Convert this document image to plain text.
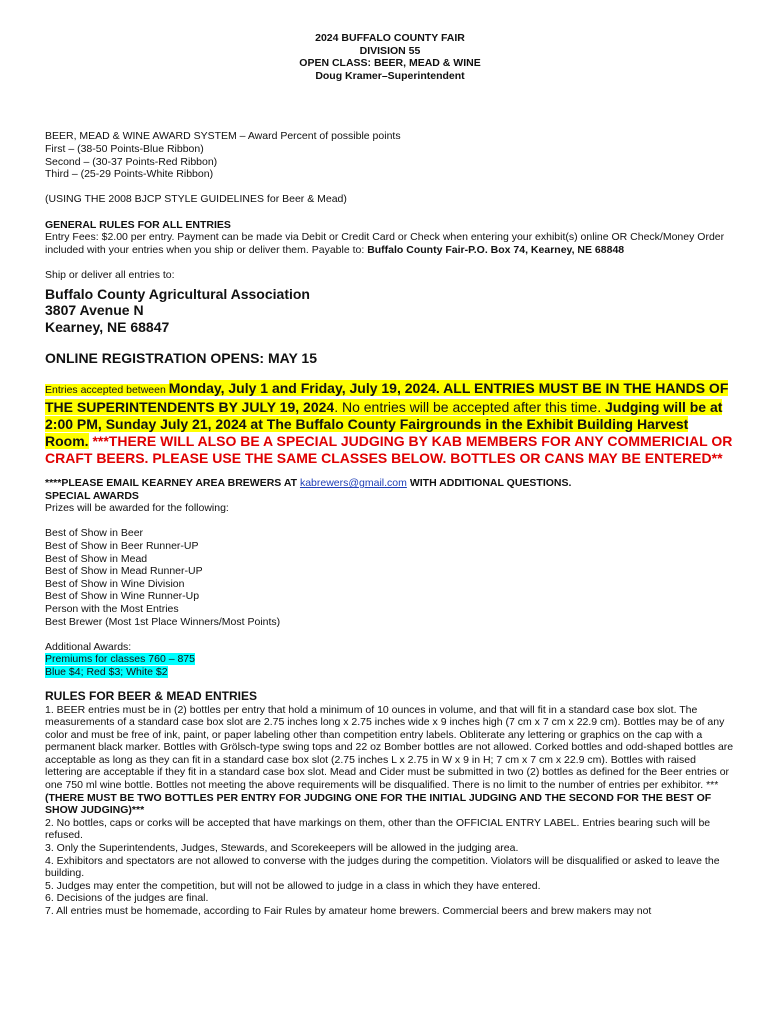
2024 BUFFALO COUNTY FAIR
DIVISION 55
OPEN CLASS: BEER, MEAD & WINE
Doug Kramer–Superintendent

BEER, MEAD & WINE AWARD SYSTEM – Award Percent of possible points

First – (38-50 Points-Blue Ribbon)

Second – (30-37 Points-Red Ribbon)

Third – (25-29 Points-White Ribbon)

(USING THE 2008 BJCP STYLE GUIDELINES for Beer & Mead)

GENERAL RULES FOR ALL ENTRIES

Entry Fees: $2.00 per entry. Payment can be made via Debit or Credit Card or Check when entering your exhibit(s) online OR Check/Money Order included with your entries when you ship or deliver them. Payable to: Buffalo County Fair-P.O. Box 74, Kearney, NE 68848

Ship or deliver all entries to:

Buffalo County Agricultural Association
3807 Avenue N
Kearney, NE 68847
ONLINE REGISTRATION OPENS: MAY 15
Entries accepted between Monday, July 1 and Friday, July 19, 2024. ALL ENTRIES MUST BE IN THE HANDS OF THE SUPERINTENDENTS BY JULY 19, 2024. No entries will be accepted after this time. Judging will be at 2:00 PM, Sunday July 21, 2024 at The Buffalo County Fairgrounds in the Exhibit Building Harvest Room. ***THERE WILL ALSO BE A SPECIAL JUDGING BY KAB MEMBERS FOR ANY COMMERICIAL OR CRAFT BEERS. PLEASE USE THE SAME CLASSES BELOW. BOTTLES OR CANS MAY BE ENTERED**

****PLEASE EMAIL KEARNEY AREA BREWERS AT kabrewers@gmail.com WITH ADDITIONAL QUESTIONS.

SPECIAL AWARDS

Prizes will be awarded for the following:

Best of Show in Beer

Best of Show in Beer Runner-UP

Best of Show in Mead

Best of Show in Mead Runner-UP

Best of Show in Wine Division

Best of Show in Wine Runner-Up

Person with the Most Entries

Best Brewer (Most 1st Place Winners/Most Points)

Additional Awards:

Premiums for classes 760 – 875

Blue $4; Red $3; White $2

RULES FOR BEER & MEAD ENTRIES

1. BEER entries must be in (2) bottles per entry that hold a minimum of 10 ounces in volume, and that will fit in a standard case box slot. The measurements of a standard case box slot are 2.75 inches long x 2.75 inches wide x 9 inches high (7 cm x 7 cm x 22.9 cm). Bottles may be of any color and must be free of ink, paint, or paper labeling other than competition entry labels. Obliterate any lettering or graphics on the cap with a permanent black marker. Bottles with Grölsch-type swing tops and 22 oz Bomber bottles are not allowed. Corked bottles and odd-shaped bottles are acceptable as long as they can fit in a standard case box slot (2.75 inches L x 2.75 in W x 9 in H; 7 cm x 7 cm x 22.9 cm). Bottles with raised lettering are acceptable if they fit in a standard case box slot. Mead and Cider must be submitted in two (2) bottles as defined for the Beer entries or one 750 ml wine bottle. Bottles not meeting the above requirements will be disqualified. There is no limit to the number of entries per exhibitor. ***(THERE MUST BE TWO BOTTLES PER ENTRY FOR JUDGING ONE FOR THE INITIAL JUDGING AND THE SECOND FOR THE BEST OF SHOW JUDGING)***

2. No bottles, caps or corks will be accepted that have markings on them, other than the OFFICIAL ENTRY LABEL. Entries bearing such will be refused.

3. Only the Superintendents, Judges, Stewards, and Scorekeepers will be allowed in the judging area.

4. Exhibitors and spectators are not allowed to converse with the judges during the competition. Violators will be disqualified or asked to leave the building.

5. Judges may enter the competition, but will not be allowed to judge in a class in which they have entered.

6. Decisions of the judges are final.

7. All entries must be homemade, according to Fair Rules by amateur home brewers. Commercial beers and brew makers may not
